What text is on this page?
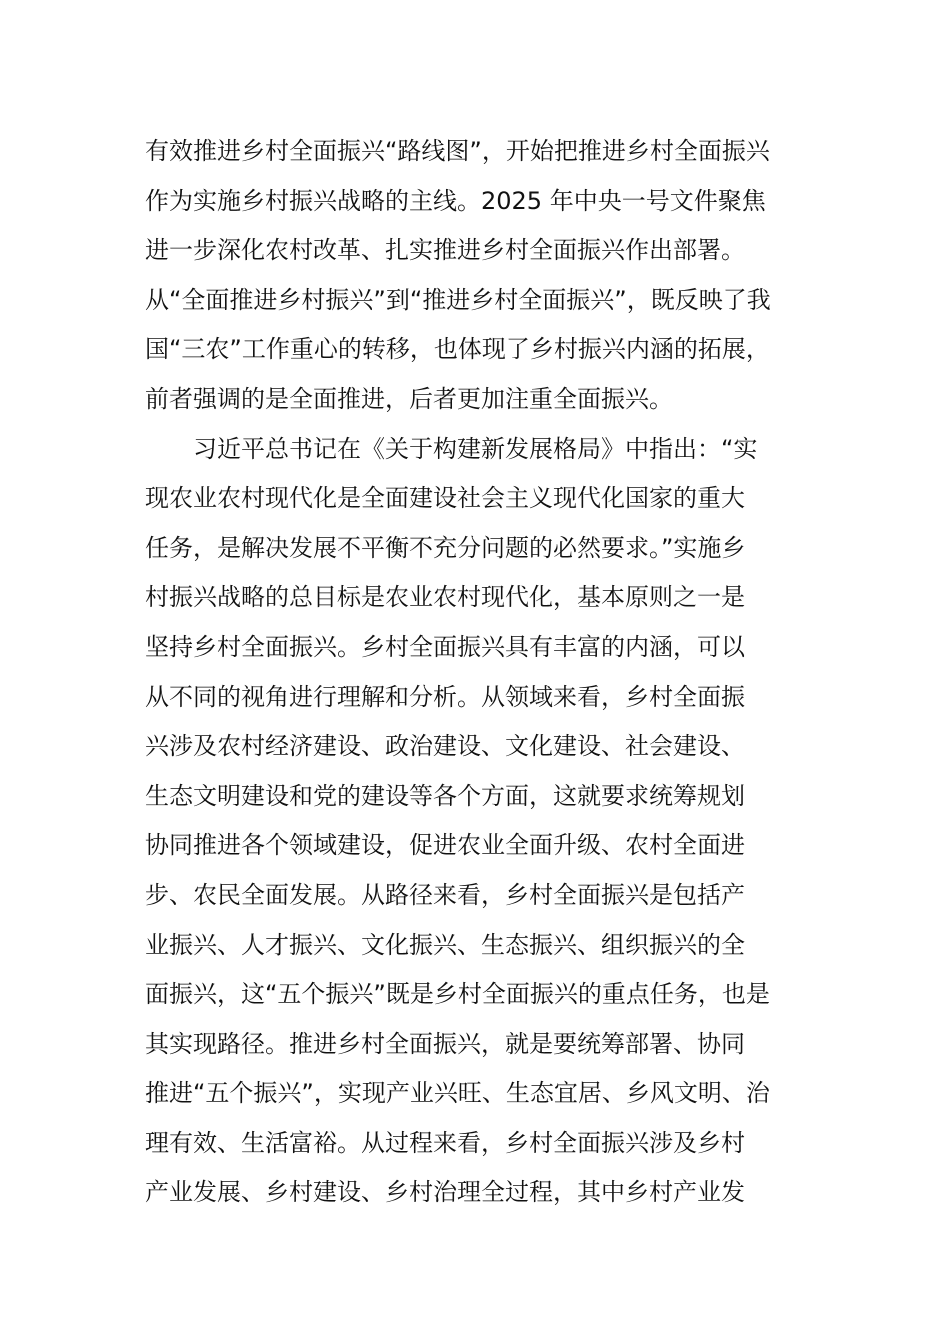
有效推进乡村全面振兴“路线图”，开始把推进乡村全面振兴
作为实施乡村振兴战略的主线。2025 年中央一号文件聚焦
进一步深化农村改革、扎实推进乡村全面振兴作出部署。
从“全面推进乡村振兴”到“推进乡村全面振兴”，既反映了我
国“三农”工作重心的转移，也体现了乡村振兴内涵的拓展，
前者强调的是全面推进，后者更加注重全面振兴。
习近平总书记在《关于构建新发展格局》中指出：“实
现农业农村现代化是全面建设社会主义现代化国家的重大
任务，是解决发展不平衡不充分问题的必然要求。”实施乡
村振兴战略的总目标是农业农村现代化，基本原则之一是
坚持乡村全面振兴。乡村全面振兴具有丰富的内涵，可以
从不同的视角进行理解和分析。从领域来看，乡村全面振
兴涉及农村经济建设、政治建设、文化建设、社会建设、
生态文明建设和党的建设等各个方面，这就要求统筹规划
协同推进各个领域建设，促进农业全面升级、农村全面进
步、农民全面发展。从路径来看，乡村全面振兴是包括产
业振兴、人才振兴、文化振兴、生态振兴、组织振兴的全
面振兴，这“五个振兴”既是乡村全面振兴的重点任务，也是
其实现路径。推进乡村全面振兴，就是要统筹部署、协同
推进“五个振兴”，实现产业兴旺、生态宜居、乡风文明、治
理有效、生活富裕。从过程来看，乡村全面振兴涉及乡村
产业发展、乡村建设、乡村治理全过程，其中乡村产业发
